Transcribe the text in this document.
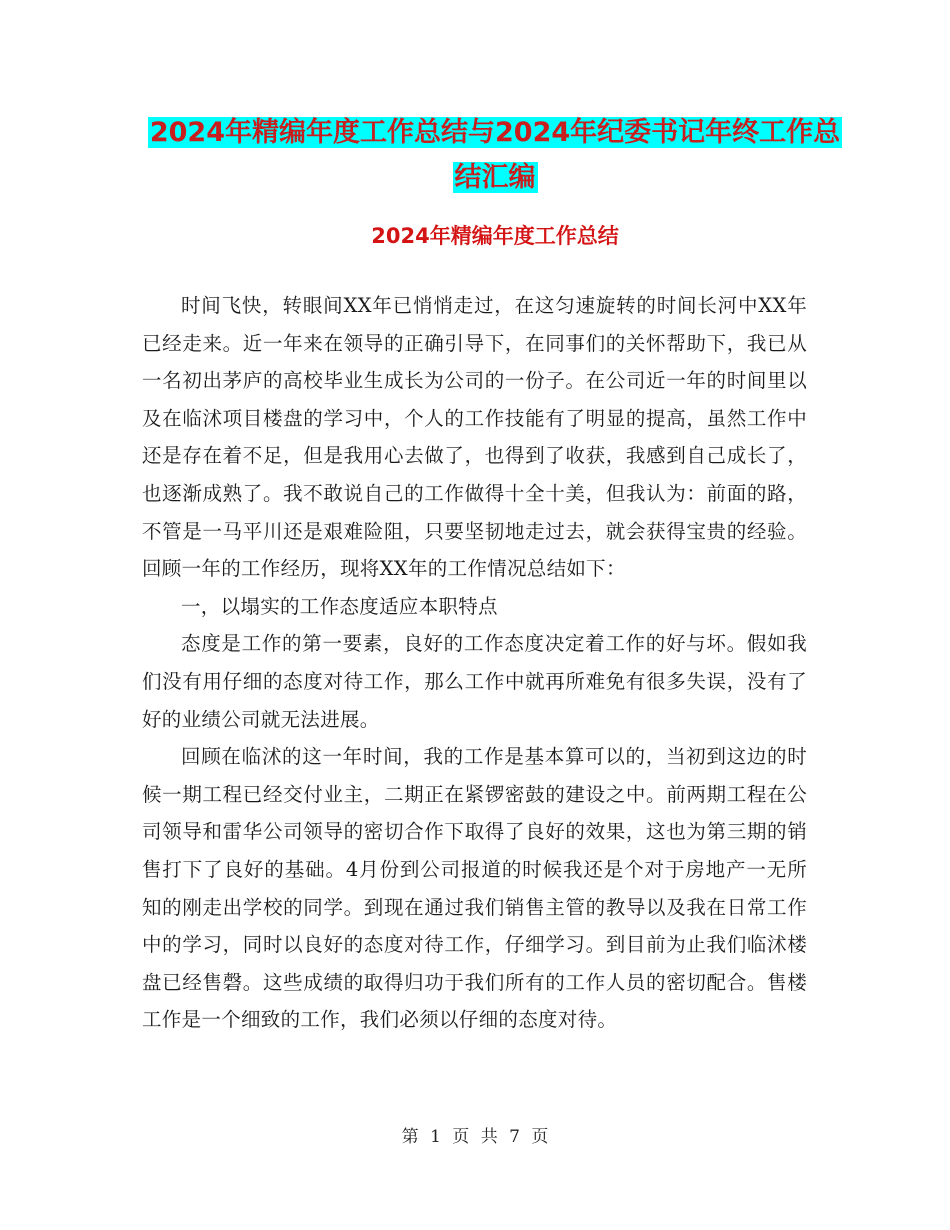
2024年精编年度工作总结与2024年纪委书记年终工作总结汇编
2024年精编年度工作总结

时间飞快，转眼间XX年已悄悄走过，在这匀速旋转的时间长河中XX年已经走来。近一年来在领导的正确引导下，在同事们的关怀帮助下，我已从一名初出茅庐的高校毕业生成长为公司的一份子。在公司近一年的时间里以及在临沭项目楼盘的学习中，个人的工作技能有了明显的提高，虽然工作中还是存在着不足，但是我用心去做了，也得到了收获，我感到自己成长了，也逐渐成熟了。我不敢说自己的工作做得十全十美，但我认为：前面的路，不管是一马平川还是艰难险阻，只要坚韧地走过去，就会获得宝贵的经验。回顾一年的工作经历，现将XX年的工作情况总结如下：

一，以塌实的工作态度适应本职特点

态度是工作的第一要素，良好的工作态度决定着工作的好与坏。假如我们没有用仔细的态度对待工作，那么工作中就再所难免有很多失误，没有了好的业绩公司就无法进展。

回顾在临沭的这一年时间，我的工作是基本算可以的，当初到这边的时候一期工程已经交付业主，二期正在紧锣密鼓的建设之中。前两期工程在公司领导和雷华公司领导的密切合作下取得了良好的效果，这也为第三期的销售打下了良好的基础。4月份到公司报道的时候我还是个对于房地产一无所知的刚走出学校的同学。到现在通过我们销售主管的教导以及我在日常工作中的学习，同时以良好的态度对待工作，仔细学习。到目前为止我们临沭楼盘已经售磬。这些成绩的取得归功于我们所有的工作人员的密切配合。售楼工作是一个细致的工作，我们必须以仔细的态度对待。

第 1 页 共 7 页
